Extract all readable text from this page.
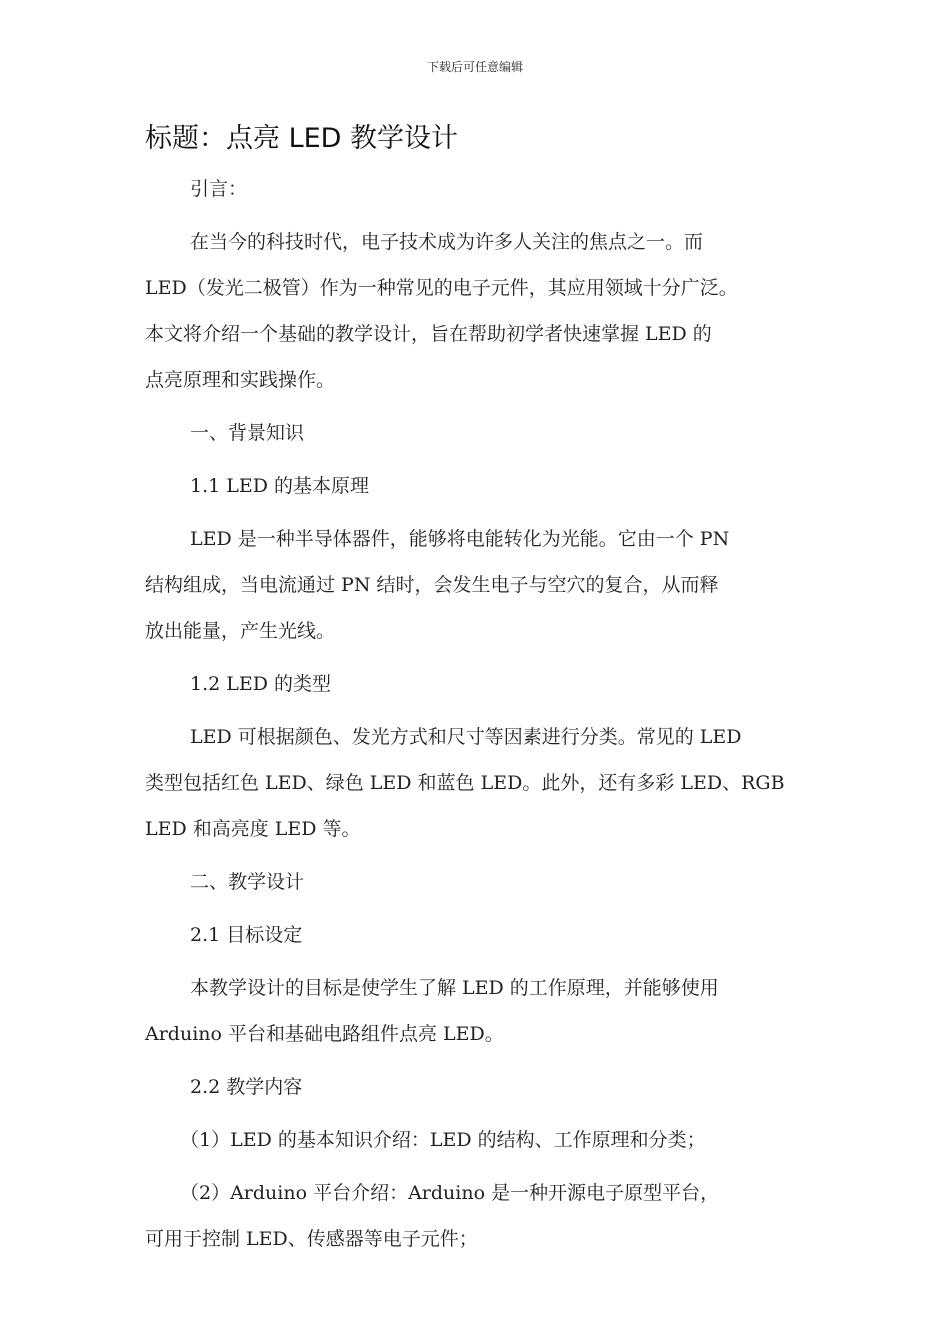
下载后可任意编辑
标题：点亮 LED 教学设计
引言：
在当今的科技时代，电子技术成为许多人关注的焦点之一。而
LED（发光二极管）作为一种常见的电子元件，其应用领域十分广泛。
本文将介绍一个基础的教学设计，旨在帮助初学者快速掌握 LED 的
点亮原理和实践操作。
一、背景知识
1.1 LED 的基本原理
LED 是一种半导体器件，能够将电能转化为光能。它由一个 PN
结构组成，当电流通过 PN 结时，会发生电子与空穴的复合，从而释
放出能量，产生光线。
1.2 LED 的类型
LED 可根据颜色、发光方式和尺寸等因素进行分类。常见的 LED
类型包括红色 LED、绿色 LED 和蓝色 LED。此外，还有多彩 LED、RGB
LED 和高亮度 LED 等。
二、教学设计
2.1 目标设定
本教学设计的目标是使学生了解 LED 的工作原理，并能够使用
Arduino 平台和基础电路组件点亮 LED。
2.2 教学内容
（1）LED 的基本知识介绍：LED 的结构、工作原理和分类；
（2）Arduino 平台介绍：Arduino 是一种开源电子原型平台，
可用于控制 LED、传感器等电子元件；
